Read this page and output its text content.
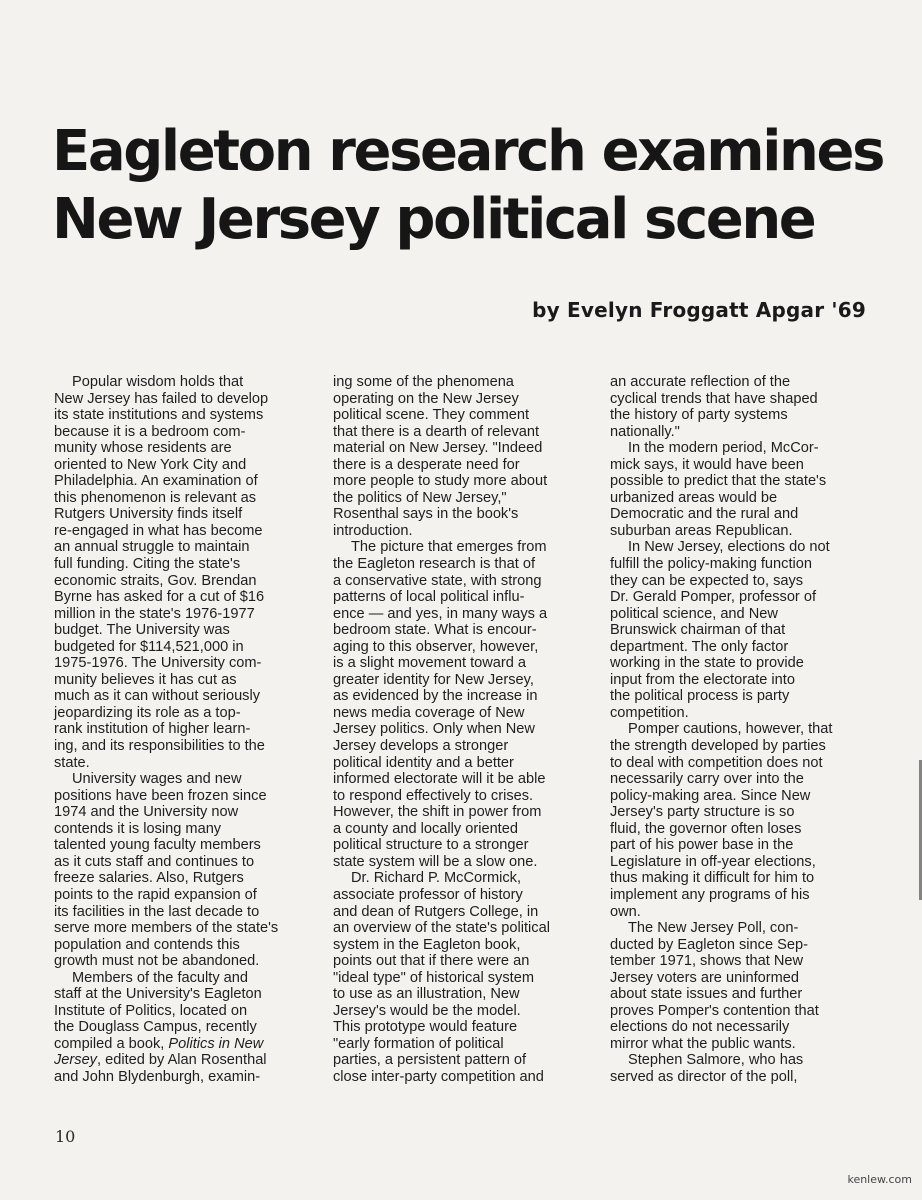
Eagleton research examines
New Jersey political scene
by Evelyn Froggatt Apgar '69
Popular wisdom holds that
New Jersey has failed to develop
its state institutions and systems
because it is a bedroom com-
munity whose residents are
oriented to New York City and
Philadelphia. An examination of
this phenomenon is relevant as
Rutgers University finds itself
re-engaged in what has become
an annual struggle to maintain
full funding. Citing the state's
economic straits, Gov. Brendan
Byrne has asked for a cut of $16
million in the state's 1976-1977
budget. The University was
budgeted for $114,521,000 in
1975-1976. The University com-
munity believes it has cut as
much as it can without seriously
jeopardizing its role as a top-
rank institution of higher learn-
ing, and its responsibilities to the
state.
University wages and new
positions have been frozen since
1974 and the University now
contends it is losing many
talented young faculty members
as it cuts staff and continues to
freeze salaries. Also, Rutgers
points to the rapid expansion of
its facilities in the last decade to
serve more members of the state's
population and contends this
growth must not be abandoned.
Members of the faculty and
staff at the University's Eagleton
Institute of Politics, located on
the Douglass Campus, recently
compiled a book, Politics in New
Jersey, edited by Alan Rosenthal
and John Blydenburgh, examin-
ing some of the phenomena
operating on the New Jersey
political scene. They comment
that there is a dearth of relevant
material on New Jersey. "Indeed
there is a desperate need for
more people to study more about
the politics of New Jersey,"
Rosenthal says in the book's
introduction.
The picture that emerges from
the Eagleton research is that of
a conservative state, with strong
patterns of local political influ-
ence — and yes, in many ways a
bedroom state. What is encour-
aging to this observer, however,
is a slight movement toward a
greater identity for New Jersey,
as evidenced by the increase in
news media coverage of New
Jersey politics. Only when New
Jersey develops a stronger
political identity and a better
informed electorate will it be able
to respond effectively to crises.
However, the shift in power from
a county and locally oriented
political structure to a stronger
state system will be a slow one.
Dr. Richard P. McCormick,
associate professor of history
and dean of Rutgers College, in
an overview of the state's political
system in the Eagleton book,
points out that if there were an
"ideal type" of historical system
to use as an illustration, New
Jersey's would be the model.
This prototype would feature
"early formation of political
parties, a persistent pattern of
close inter-party competition and
an accurate reflection of the
cyclical trends that have shaped
the history of party systems
nationally."
In the modern period, McCor-
mick says, it would have been
possible to predict that the state's
urbanized areas would be
Democratic and the rural and
suburban areas Republican.
In New Jersey, elections do not
fulfill the policy-making function
they can be expected to, says
Dr. Gerald Pomper, professor of
political science, and New
Brunswick chairman of that
department. The only factor
working in the state to provide
input from the electorate into
the political process is party
competition.
Pomper cautions, however, that
the strength developed by parties
to deal with competition does not
necessarily carry over into the
policy-making area. Since New
Jersey's party structure is so
fluid, the governor often loses
part of his power base in the
Legislature in off-year elections,
thus making it difficult for him to
implement any programs of his
own.
The New Jersey Poll, con-
ducted by Eagleton since Sep-
tember 1971, shows that New
Jersey voters are uninformed
about state issues and further
proves Pomper's contention that
elections do not necessarily
mirror what the public wants.
Stephen Salmore, who has
served as director of the poll,
10
kenlew.com
